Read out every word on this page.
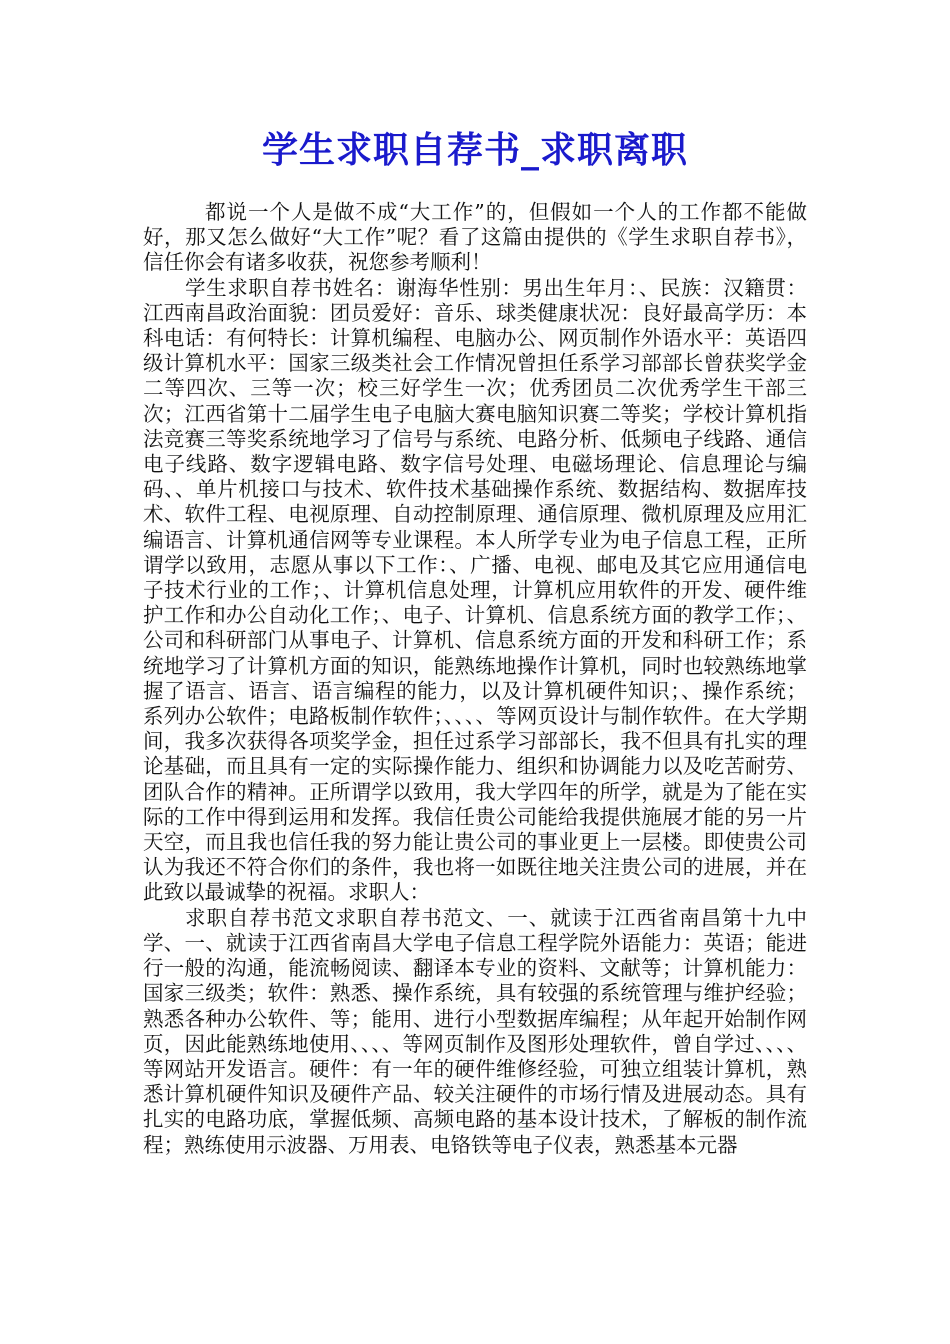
学生求职自荐书_求职离职

都说一个人是做不成“大工作”的，但假如一个人的工作都不能做好，那又怎么做好“大工作”呢？看了这篇由提供的《学生求职自荐书》，信任你会有诸多收获，祝您参考顺利！

学生求职自荐书姓名：谢海华性别：男出生年月：、民族：汉籍贯：江西南昌政治面貌：团员爱好：音乐、球类健康状况：良好最高学历：本科电话：有何特长：计算机编程、电脑办公、网页制作外语水平：英语四级计算机水平：国家三级类社会工作情况曾担任系学习部部长曾获奖学金二等四次、三等一次；校三好学生一次；优秀团员二次优秀学生干部三次；江西省第十二届学生电子电脑大赛电脑知识赛二等奖；学校计算机指法竞赛三等奖系统地学习了信号与系统、电路分析、低频电子线路、通信电子线路、数字逻辑电路、数字信号处理、电磁场理论、信息理论与编码、、单片机接口与技术、软件技术基础操作系统、数据结构、数据库技术、软件工程、电视原理、自动控制原理、通信原理、微机原理及应用汇编语言、计算机通信网等专业课程。本人所学专业为电子信息工程，正所谓学以致用，志愿从事以下工作：、广播、电视、邮电及其它应用通信电子技术行业的工作；、计算机信息处理，计算机应用软件的开发、硬件维护工作和办公自动化工作；、电子、计算机、信息系统方面的教学工作；、公司和科研部门从事电子、计算机、信息系统方面的开发和科研工作；系统地学习了计算机方面的知识，能熟练地操作计算机，同时也较熟练地掌握了语言、语言、语言编程的能力，以及计算机硬件知识；、操作系统；系列办公软件；电路板制作软件；、、、、等网页设计与制作软件。在大学期间，我多次获得各项奖学金，担任过系学习部部长，我不但具有扎实的理论基础，而且具有一定的实际操作能力、组织和协调能力以及吃苦耐劳、团队合作的精神。正所谓学以致用，我大学四年的所学，就是为了能在实际的工作中得到运用和发挥。我信任贵公司能给我提供施展才能的另一片天空，而且我也信任我的努力能让贵公司的事业更上一层楼。即使贵公司认为我还不符合你们的条件，我也将一如既往地关注贵公司的进展，并在此致以最诚挚的祝福。求职人：

求职自荐书范文求职自荐书范文、一、就读于江西省南昌第十九中学、一、就读于江西省南昌大学电子信息工程学院外语能力：英语；能进行一般的沟通，能流畅阅读、翻译本专业的资料、文献等；计算机能力：国家三级类；软件：熟悉、操作系统，具有较强的系统管理与维护经验；熟悉各种办公软件、等；能用、进行小型数据库编程；从年起开始制作网页，因此能熟练地使用、、、、等网页制作及图形处理软件，曾自学过、、、、等网站开发语言。硬件：有一年的硬件维修经验，可独立组装计算机，熟悉计算机硬件知识及硬件产品、较关注硬件的市场行情及进展动态。具有扎实的电路功底，掌握低频、高频电路的基本设计技术，了解板的制作流程；熟练使用示波器、万用表、电铬铁等电子仪表，熟悉基本元器
